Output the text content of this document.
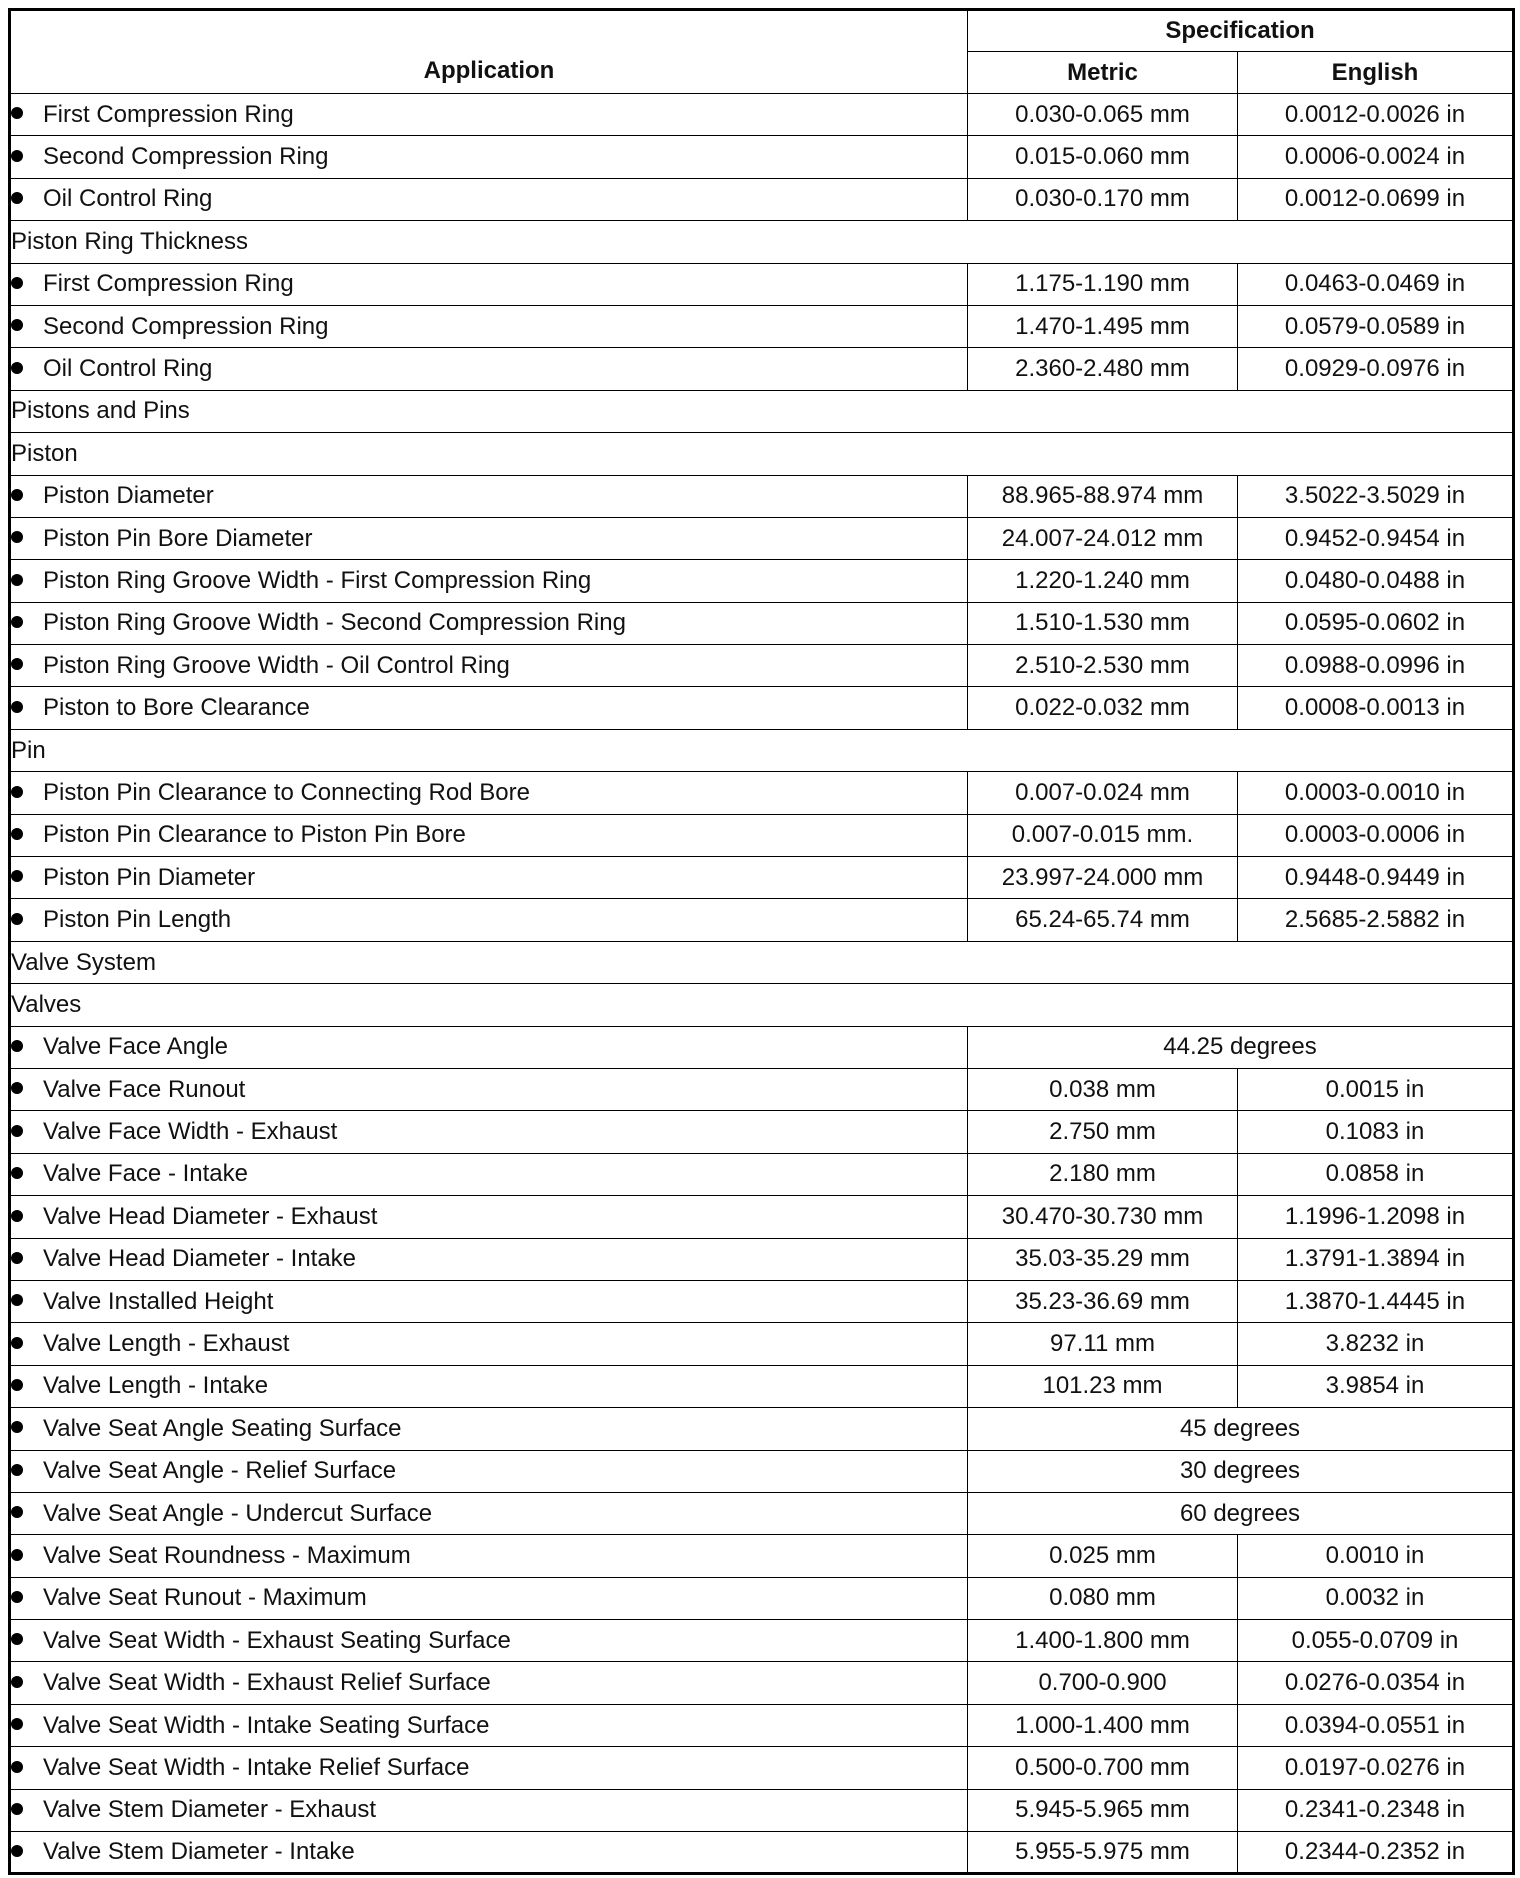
Application	Specification	
	Metric	English
First Compression Ring	0.030-0.065 mm	0.0012-0.0026 in
Second Compression Ring	0.015-0.060 mm	0.0006-0.0024 in
Oil Control Ring	0.030-0.170 mm	0.0012-0.0699 in
Piston Ring Thickness		
First Compression Ring	1.175-1.190 mm	0.0463-0.0469 in
Second Compression Ring	1.470-1.495 mm	0.0579-0.0589 in
Oil Control Ring	2.360-2.480 mm	0.0929-0.0976 in
Pistons and Pins		
Piston		
Piston Diameter	88.965-88.974 mm	3.5022-3.5029 in
Piston Pin Bore Diameter	24.007-24.012 mm	0.9452-0.9454 in
Piston Ring Groove Width - First Compression Ring	1.220-1.240 mm	0.0480-0.0488 in
Piston Ring Groove Width - Second Compression Ring	1.510-1.530 mm	0.0595-0.0602 in
Piston Ring Groove Width - Oil Control Ring	2.510-2.530 mm	0.0988-0.0996 in
Piston to Bore Clearance	0.022-0.032 mm	0.0008-0.0013 in
Pin		
Piston Pin Clearance to Connecting Rod Bore	0.007-0.024 mm	0.0003-0.0010 in
Piston Pin Clearance to Piston Pin Bore	0.007-0.015 mm.	0.0003-0.0006 in
Piston Pin Diameter	23.997-24.000 mm	0.9448-0.9449 in
Piston Pin Length	65.24-65.74 mm	2.5685-2.5882 in
Valve System		
Valves		
Valve Face Angle	44.25 degrees	
Valve Face Runout	0.038 mm	0.0015 in
Valve Face Width - Exhaust	2.750 mm	0.1083 in
Valve Face - Intake	2.180 mm	0.0858 in
Valve Head Diameter - Exhaust	30.470-30.730 mm	1.1996-1.2098 in
Valve Head Diameter - Intake	35.03-35.29 mm	1.3791-1.3894 in
Valve Installed Height	35.23-36.69 mm	1.3870-1.4445 in
Valve Length - Exhaust	97.11 mm	3.8232 in
Valve Length - Intake	101.23 mm	3.9854 in
Valve Seat Angle Seating Surface	45 degrees	
Valve Seat Angle - Relief Surface	30 degrees	
Valve Seat Angle - Undercut Surface	60 degrees	
Valve Seat Roundness - Maximum	0.025 mm	0.0010 in
Valve Seat Runout - Maximum	0.080 mm	0.0032 in
Valve Seat Width - Exhaust Seating Surface	1.400-1.800 mm	0.055-0.0709 in
Valve Seat Width - Exhaust Relief Surface	0.700-0.900	0.0276-0.0354 in
Valve Seat Width - Intake Seating Surface	1.000-1.400 mm	0.0394-0.0551 in
Valve Seat Width - Intake Relief Surface	0.500-0.700 mm	0.0197-0.0276 in
Valve Stem Diameter - Exhaust	5.945-5.965 mm	0.2341-0.2348 in
Valve Stem Diameter - Intake	5.955-5.975 mm	0.2344-0.2352 in
